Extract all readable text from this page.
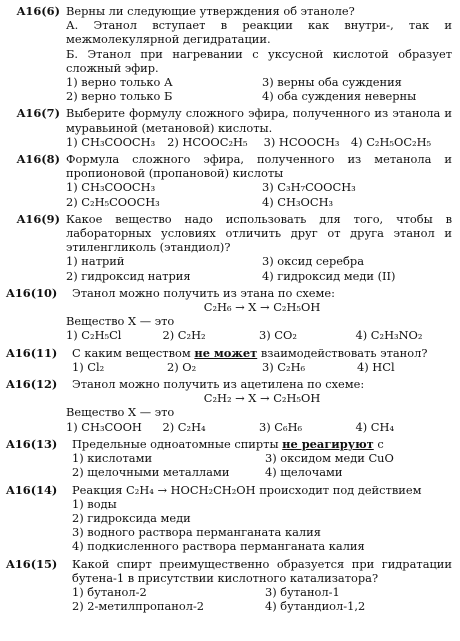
A16(6) Верны ли следующие утверждения об этаноле?
А. Этанол вступает в реакции как внутри-, так и межмолекулярной дегидратации.
Б. Этанол при нагревании с уксусной кислотой образует сложный эфир.
1) верно только А	3) верны оба суждения
2) верно только Б	4) оба суждения неверны
A16(7) Выберите формулу сложного эфира, полученного из этанола и муравьиной (метановой) кислоты.
1) CH₃COOCH₃	2) HCOOC₂H₅	3) HCOOCH₃	4) C₂H₅OC₂H₅
A16(8) Формула сложного эфира, полученного из метанола и пропионовой (пропановой) кислоты
1) CH₃COOCH₃	3) C₃H₇COOCH₃
2) C₂H₅COOCH₃	4) CH₃OCH₃
A16(9) Какое вещество надо использовать для того, чтобы в лабораторных условиях отличить друг от друга этанол и этиленгликоль (этандиол)?
1) натрий	3) оксид серебра
2) гидроксид натрия	4) гидроксид меди (II)
A16(10)	Этанол можно получить из этана по схеме:
C₂H₆ → X → C₂H₅OH
Вещество X — это
1) C₂H₅Cl	2) C₂H₂	3) CO₂	4) C₂H₃NO₂
A16(11)	С каким веществом не может взаимодействовать этанол?
1) Cl₂	2) O₂	3) C₂H₆	4) HCl
A16(12)	Этанол можно получить из ацетилена по схеме:
C₂H₂ → X → C₂H₅OH
Вещество X — это
1) CH₃COOH	2) C₂H₄	3) C₆H₆	4) CH₄
A16(13)	Предельные одноатомные спирты не реагируют с
1) кислотами	3) оксидом меди CuO
2) щелочными металлами	4) щелочами
A16(14)	Реакция C₂H₄ → HOCH₂CH₂OH происходит под действием
1) воды
2) гидроксида меди
3) водного раствора перманганата калия
4) подкисленного раствора перманганата калия
A16(15)	Какой спирт преимущественно образуется при гидратации бутена-1 в присутствии кислотного катализатора?
1) бутанол-2	3) бутанол-1
2) 2-метилпропанол-2	4) бутандиол-1,2
